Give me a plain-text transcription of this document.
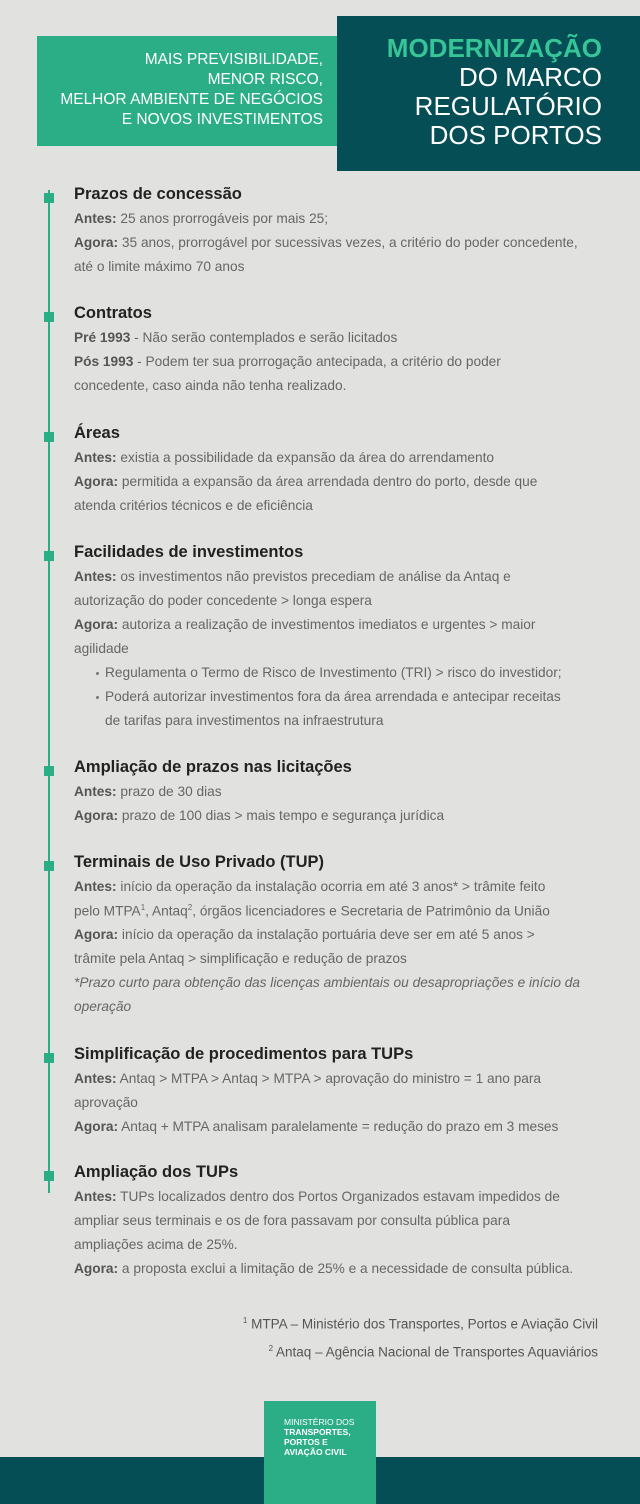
MAIS PREVISIBILIDADE,
MENOR RISCO,
MELHOR AMBIENTE DE NEGÓCIOS
E NOVOS INVESTIMENTOS
MODERNIZAÇÃO
DO MARCO
REGULATÓRIO
DOS PORTOS
Prazos de concessão
Antes: 25 anos prorrogáveis por mais 25;
Agora: 35 anos, prorrogável por sucessivas vezes, a critério do poder concedente,
até o limite máximo 70 anos
Contratos
Pré 1993 - Não serão contemplados e serão licitados
Pós 1993 - Podem ter sua prorrogação antecipada, a critério do poder
concedente, caso ainda não tenha realizado.
Áreas
Antes: existia a possibilidade da expansão da área do arrendamento
Agora: permitida a expansão da área arrendada dentro do porto, desde que
atenda critérios técnicos e de eficiência
Facilidades de investimentos
Antes: os investimentos não previstos precediam de análise da Antaq e
autorização do poder concedente > longa espera
Agora: autoriza a realização de investimentos imediatos e urgentes > maior
agilidade
Regulamenta o Termo de Risco de Investimento (TRI) > risco do investidor;
Poderá autorizar investimentos fora da área arrendada e antecipar receitas
de tarifas para investimentos na infraestrutura
Ampliação de prazos nas licitações
Antes: prazo de 30 dias
Agora: prazo de 100 dias > mais tempo e segurança jurídica
Terminais de Uso Privado (TUP)
Antes: início da operação da instalação ocorria em até 3 anos* > trâmite feito
pelo MTPA$^1$, Antaq$^2$, órgãos licenciadores e Secretaria de Patrimônio da União
Agora: início da operação da instalação portuária deve ser em até 5 anos >
trâmite pela Antaq > simplificação e redução de prazos
*Prazo curto para obtenção das licenças ambientais ou desapropriações e início da
operação
Simplificação de procedimentos para TUPs
Antes: Antaq > MTPA > Antaq > MTPA > aprovação do ministro = 1 ano para
aprovação
Agora: Antaq + MTPA analisam paralelamente = redução do prazo em 3 meses
Ampliação dos TUPs
Antes: TUPs localizados dentro dos Portos Organizados estavam impedidos de
ampliar seus terminais e os de fora passavam por consulta pública para
ampliações acima de 25%.
Agora: a proposta exclui a limitação de 25% e a necessidade de consulta pública.
$^1$ MTPA – Ministério dos Transportes, Portos e Aviação Civil
$^2$ Antaq – Agência Nacional de Transportes Aquaviários
MINISTÉRIO DOS
TRANSPORTES,
PORTOS E
AVIAÇÃO CIVIL
